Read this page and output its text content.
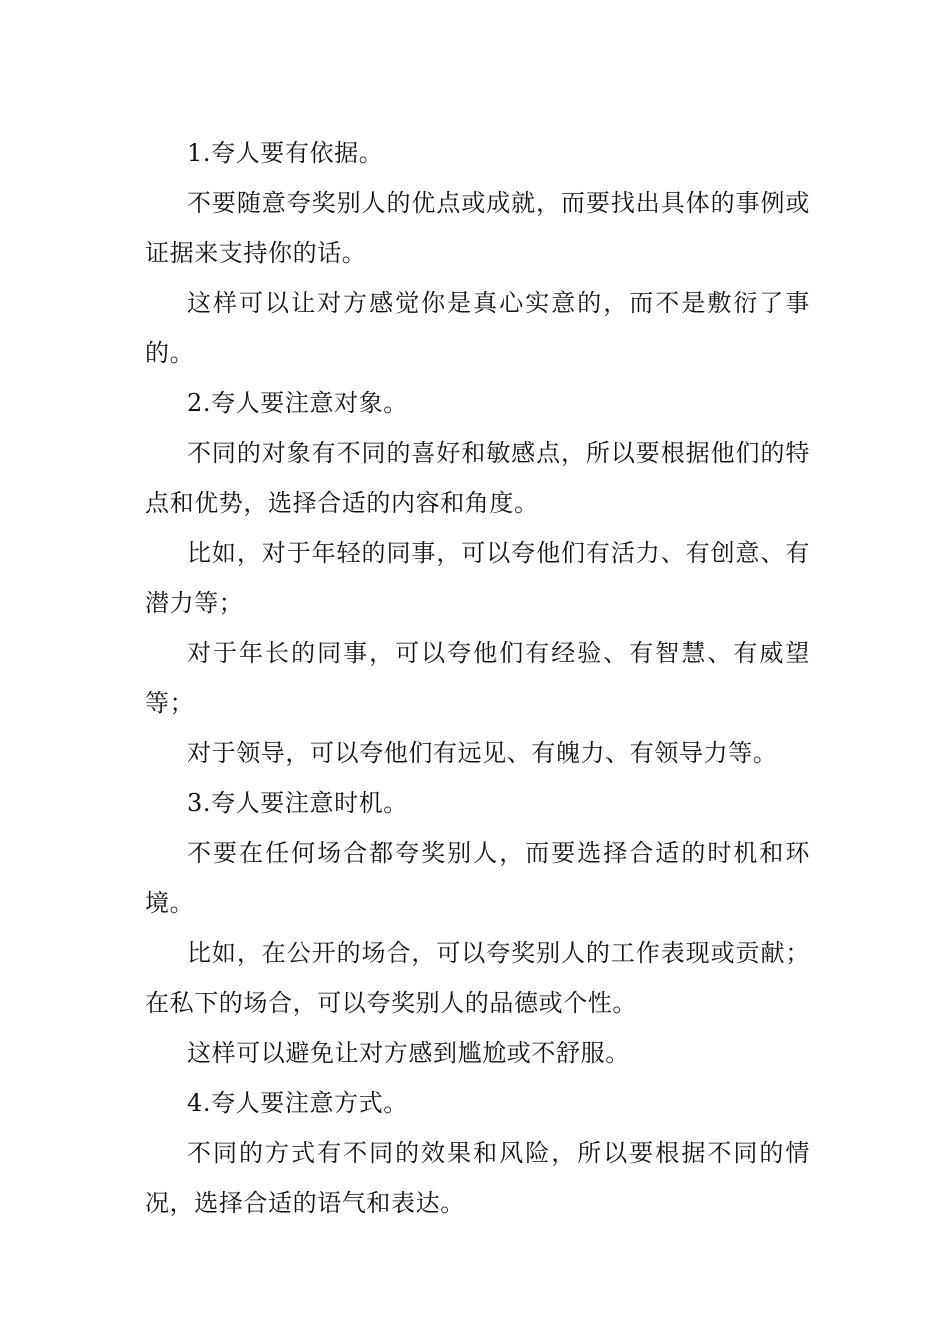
1.夸人要有依据。

不要随意夸奖别人的优点或成就，而要找出具体的事例或证据来支持你的话。

这样可以让对方感觉你是真心实意的，而不是敷衍了事的。

2.夸人要注意对象。

不同的对象有不同的喜好和敏感点，所以要根据他们的特点和优势，选择合适的内容和角度。

比如，对于年轻的同事，可以夸他们有活力、有创意、有潜力等；

对于年长的同事，可以夸他们有经验、有智慧、有威望等；

对于领导，可以夸他们有远见、有魄力、有领导力等。

3.夸人要注意时机。

不要在任何场合都夸奖别人，而要选择合适的时机和环境。

比如，在公开的场合，可以夸奖别人的工作表现或贡献；在私下的场合，可以夸奖别人的品德或个性。

这样可以避免让对方感到尴尬或不舒服。

4.夸人要注意方式。

不同的方式有不同的效果和风险，所以要根据不同的情况，选择合适的语气和表达。
